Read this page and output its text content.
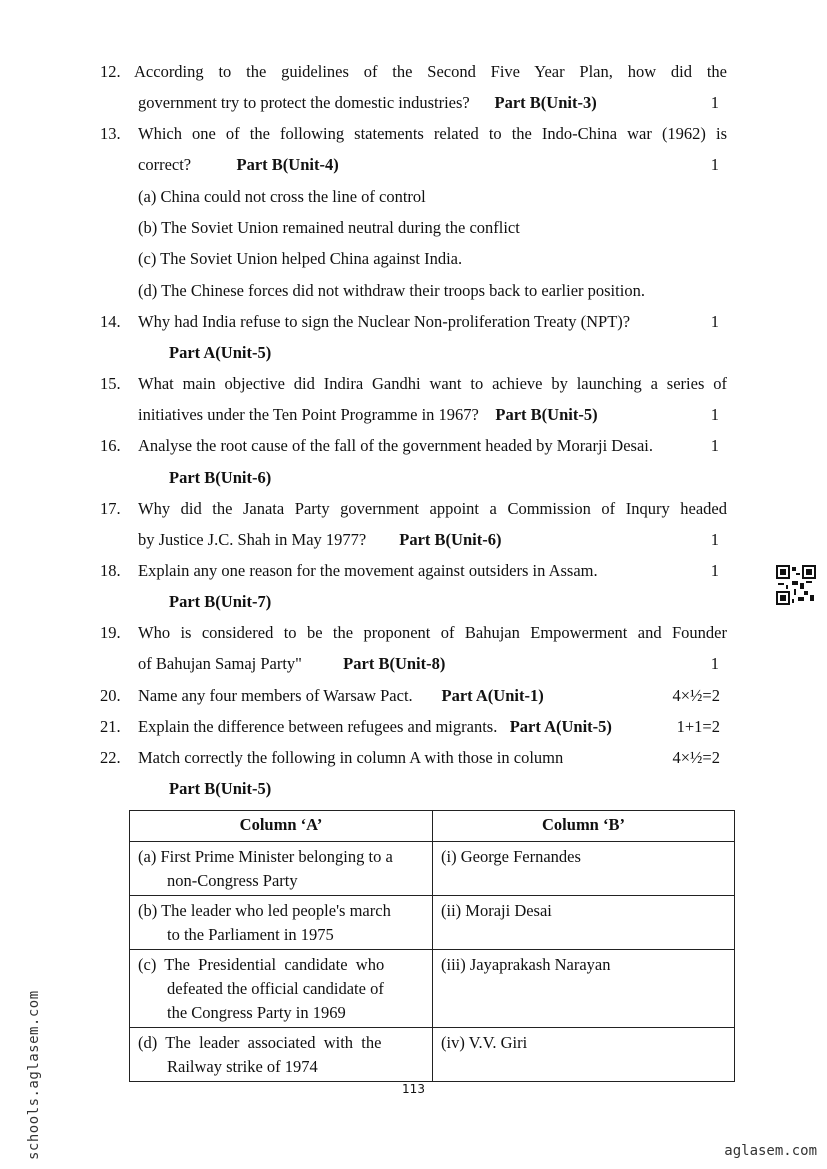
12. According to the guidelines of the Second Five Year Plan, how did the
government try to protect the domestic industries? Part B(Unit-3)	1
13. Which one of the following statements related to the Indo-China war (1962) is
correct?	Part B(Unit-4)	1
(a) China could not cross the line of control
(b) The Soviet Union remained neutral during the conflict
(c) The Soviet Union helped China against India.
(d) The Chinese forces did not withdraw their troops back to earlier position.
14. Why had India refuse to sign the Nuclear Non-proliferation Treaty (NPT)?	1
Part A(Unit-5)
15. What main objective did Indira Gandhi want to achieve by launching a series of
initiatives under the Ten Point Programme in 1967? Part B(Unit-5)	1
16. Analyse the root cause of the fall of the government headed by Morarji Desai.	1
Part B(Unit-6)
17. Why did the Janata Party government appoint a Commission of Inqury headed
by Justice J.C. Shah in May 1977? Part B(Unit-6)	1
18. Explain any one reason for the movement against outsiders in Assam.	1
Part B(Unit-7)
19. Who is considered to be the proponent of Bahujan Empowerment and Founder
of Bahujan Samaj Party"	Part B(Unit-8)	1
20. Name any four members of Warsaw Pact. Part A(Unit-1)	4×½=2
21. Explain the difference between refugees and migrants. Part A(Unit-5)	1+1=2
22. Match correctly the following in column A with those in column	4×½=2
Part B(Unit-5)
Column ‘A’	Column ‘B’
(a) First Prime Minister belonging to a
non-Congress Party	(i) George Fernandes
(b) The leader who led people's march
to the Parliament in 1975	(ii) Moraji Desai
(c)  The  Presidential  candidate  who
defeated the official candidate of
the Congress Party in 1969	(iii) Jayaprakash Narayan
(d)  The  leader  associated  with  the
Railway strike of 1974	(iv) V.V. Giri
113
schools.aglasem.com	aglasem.com
